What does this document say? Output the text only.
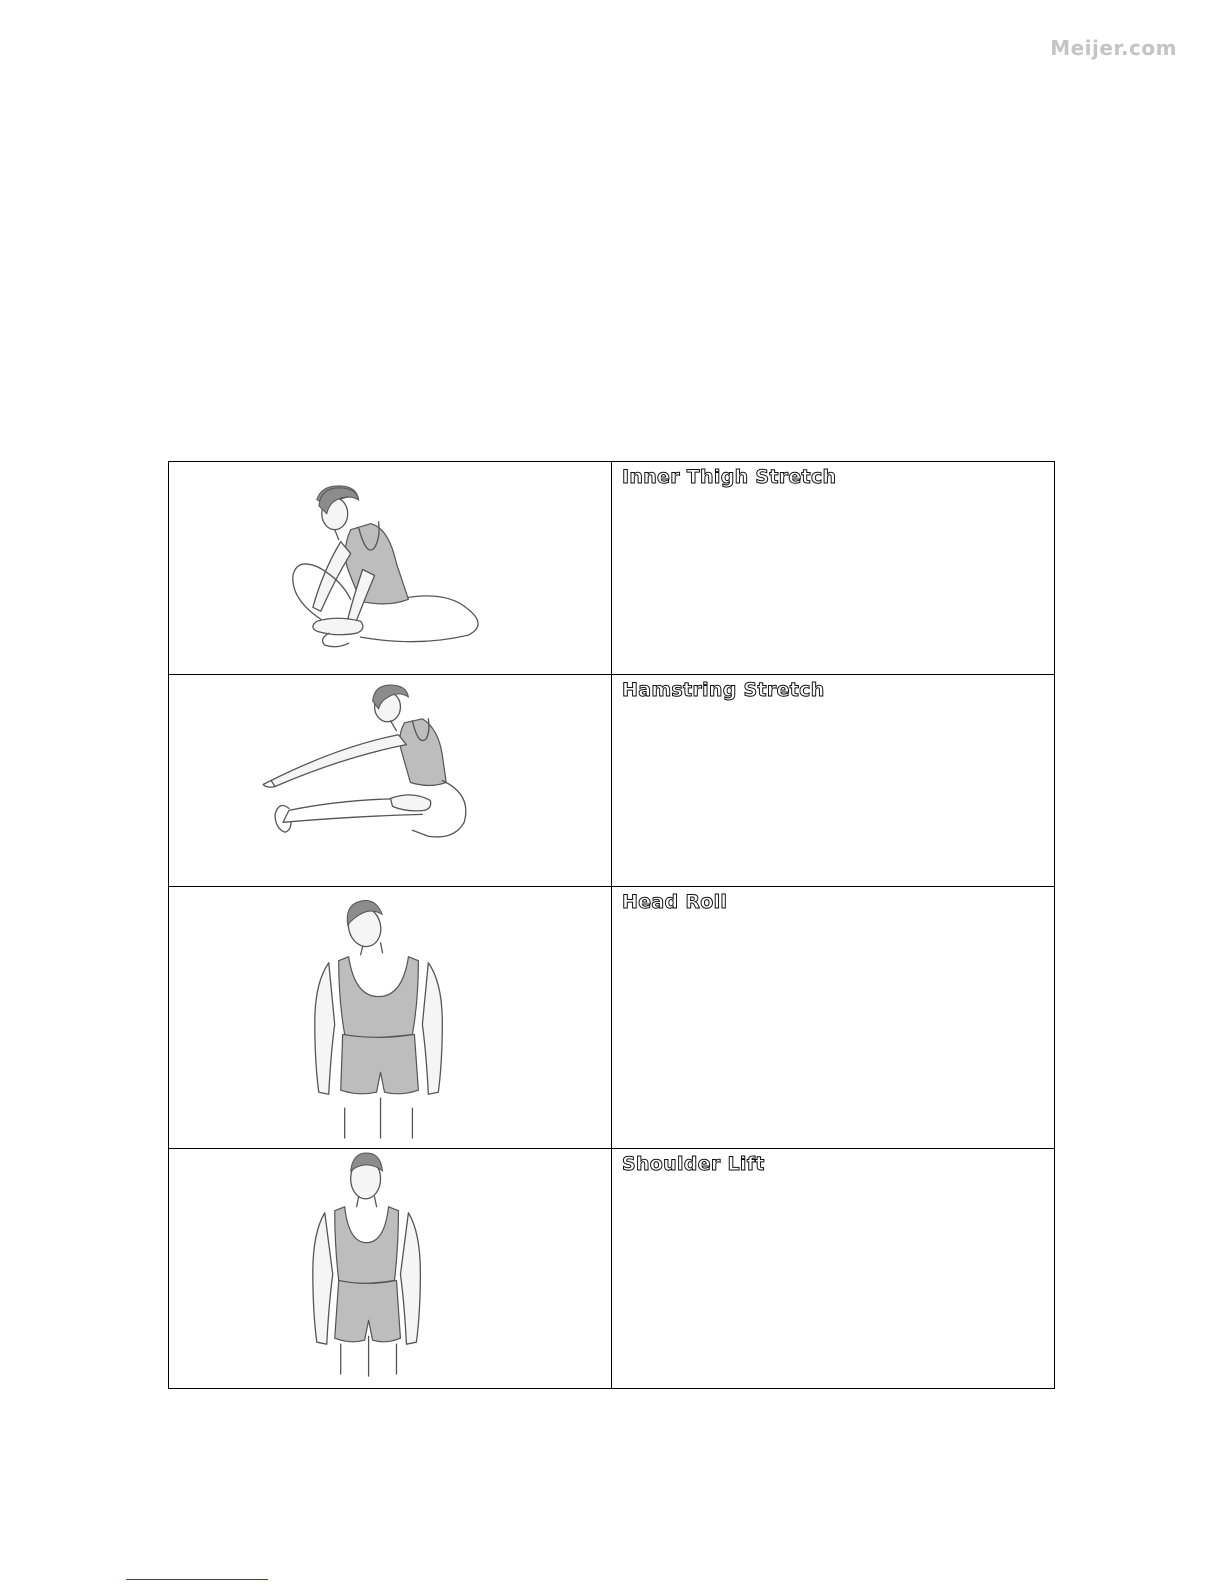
Meijer.com

Inner Thigh Stretch

Hamstring Stretch

Head Roll

Shoulder Lift
